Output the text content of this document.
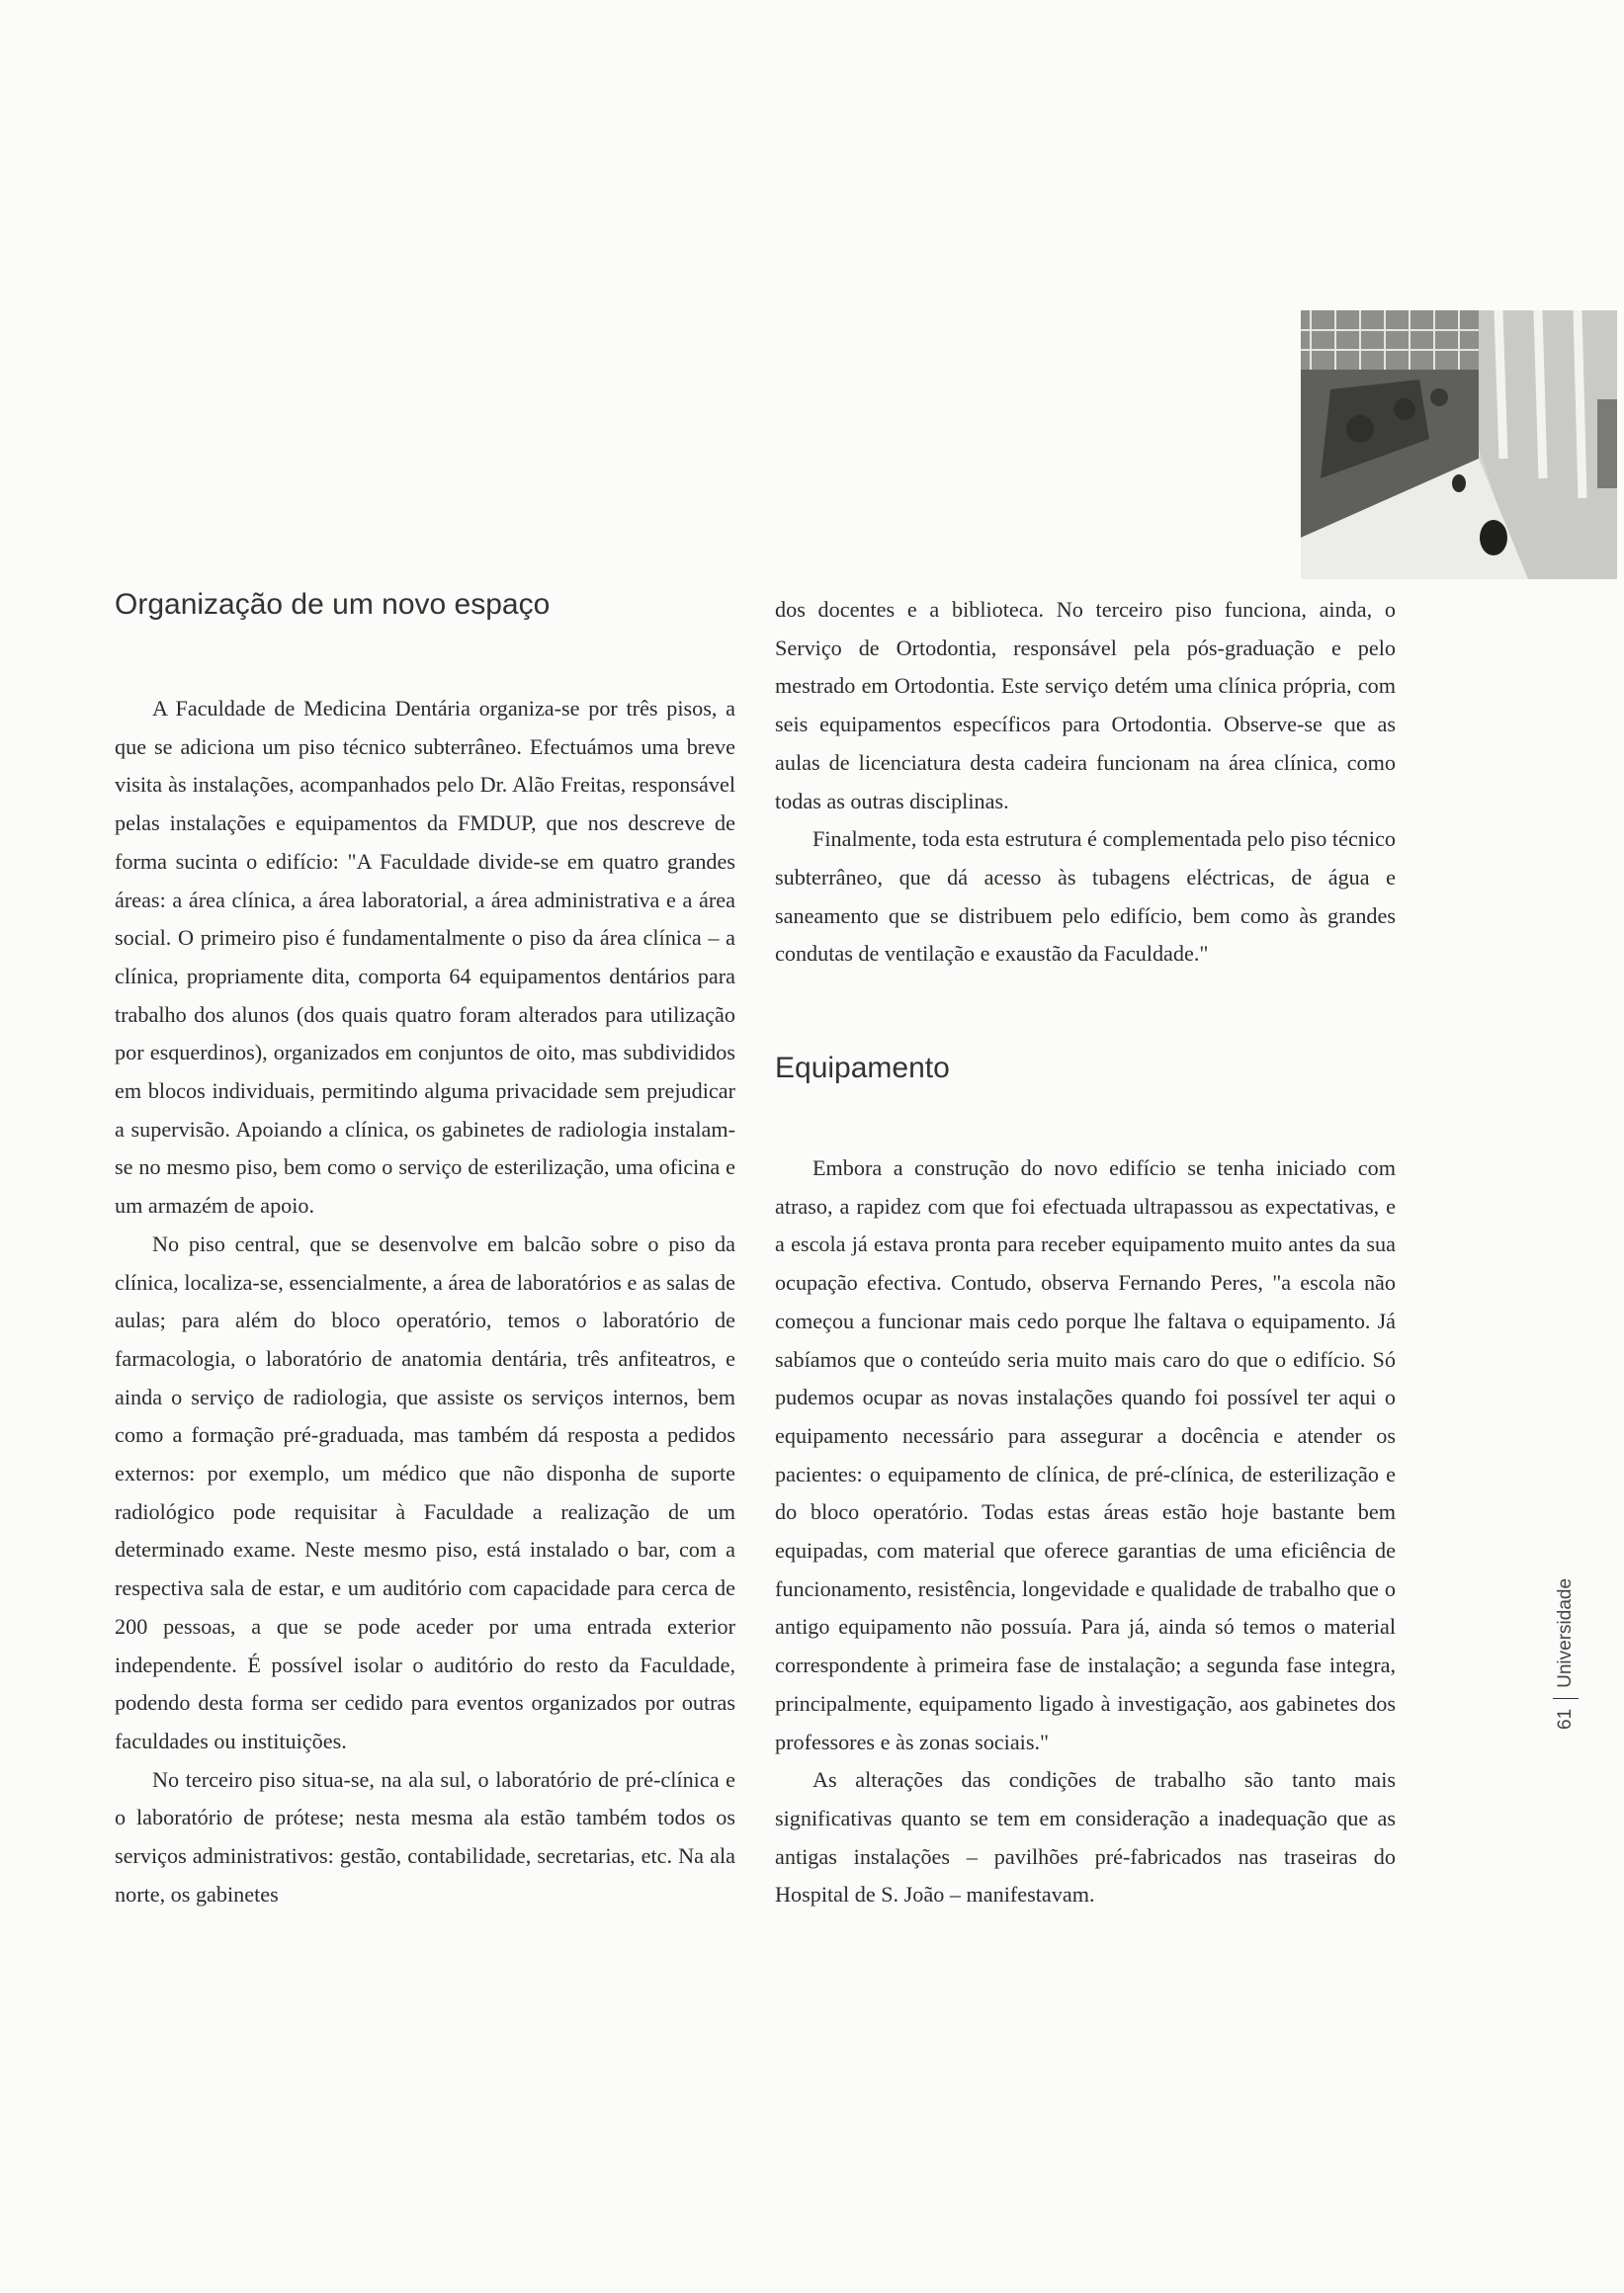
Organização de um novo espaço

A Faculdade de Medicina Dentária organiza-se por três pisos, a que se adiciona um piso técnico subterrâneo. Efectuámos uma breve visita às instalações, acompanhados pelo Dr. Alão Freitas, responsável pelas instalações e equipamentos da FMDUP, que nos descreve de forma sucinta o edifício: "A Faculdade divide-se em quatro grandes áreas: a área clínica, a área laboratorial, a área administrativa e a área social. O primeiro piso é fundamentalmente o piso da área clínica – a clínica, propriamente dita, comporta 64 equipamentos dentários para trabalho dos alunos (dos quais quatro foram alterados para utilização por esquerdinos), organizados em conjuntos de oito, mas subdivididos em blocos individuais, permitindo alguma privacidade sem prejudicar a supervisão. Apoiando a clínica, os gabinetes de radiologia instalam-se no mesmo piso, bem como o serviço de esterilização, uma oficina e um armazém de apoio.

No piso central, que se desenvolve em balcão sobre o piso da clínica, localiza-se, essencialmente, a área de laboratórios e as salas de aulas; para além do bloco operatório, temos o laboratório de farmacologia, o laboratório de anatomia dentária, três anfiteatros, e ainda o serviço de radiologia, que assiste os serviços internos, bem como a formação pré-graduada, mas também dá resposta a pedidos externos: por exemplo, um médico que não disponha de suporte radiológico pode requisitar à Faculdade a realização de um determinado exame. Neste mesmo piso, está instalado o bar, com a respectiva sala de estar, e um auditório com capacidade para cerca de 200 pessoas, a que se pode aceder por uma entrada exterior independente. É possível isolar o auditório do resto da Faculdade, podendo desta forma ser cedido para eventos organizados por outras faculdades ou instituições.

No terceiro piso situa-se, na ala sul, o laboratório de pré-clínica e o laboratório de prótese; nesta mesma ala estão também todos os serviços administrativos: gestão, contabilidade, secretarias, etc. Na ala norte, os gabinetes

dos docentes e a biblioteca. No terceiro piso funciona, ainda, o Serviço de Ortodontia, responsável pela pós-graduação e pelo mestrado em Ortodontia. Este serviço detém uma clínica própria, com seis equipamentos específicos para Ortodontia. Observe-se que as aulas de licenciatura desta cadeira funcionam na área clínica, como todas as outras disciplinas.

Finalmente, toda esta estrutura é complementada pelo piso técnico subterrâneo, que dá acesso às tubagens eléctricas, de água e saneamento que se distribuem pelo edifício, bem como às grandes condutas de ventilação e exaustão da Faculdade."

Equipamento

Embora a construção do novo edifício se tenha iniciado com atraso, a rapidez com que foi efectuada ultrapassou as expectativas, e a escola já estava pronta para receber equipamento muito antes da sua ocupação efectiva. Contudo, observa Fernando Peres, "a escola não começou a funcionar mais cedo porque lhe faltava o equipamento. Já sabíamos que o conteúdo seria muito mais caro do que o edifício. Só pudemos ocupar as novas instalações quando foi possível ter aqui o equipamento necessário para assegurar a docência e atender os pacientes: o equipamento de clínica, de pré-clínica, de esterilização e do bloco operatório. Todas estas áreas estão hoje bastante bem equipadas, com material que oferece garantias de uma eficiência de funcionamento, resistência, longevidade e qualidade de trabalho que o antigo equipamento não possuía. Para já, ainda só temos o material correspondente à primeira fase de instalação; a segunda fase integra, principalmente, equipamento ligado à investigação, aos gabinetes dos professores e às zonas sociais."

As alterações das condições de trabalho são tanto mais significativas quanto se tem em consideração a inadequação que as antigas instalações – pavilhões pré-fabricados nas traseiras do Hospital de S. João – manifestavam.

61
Universidade
